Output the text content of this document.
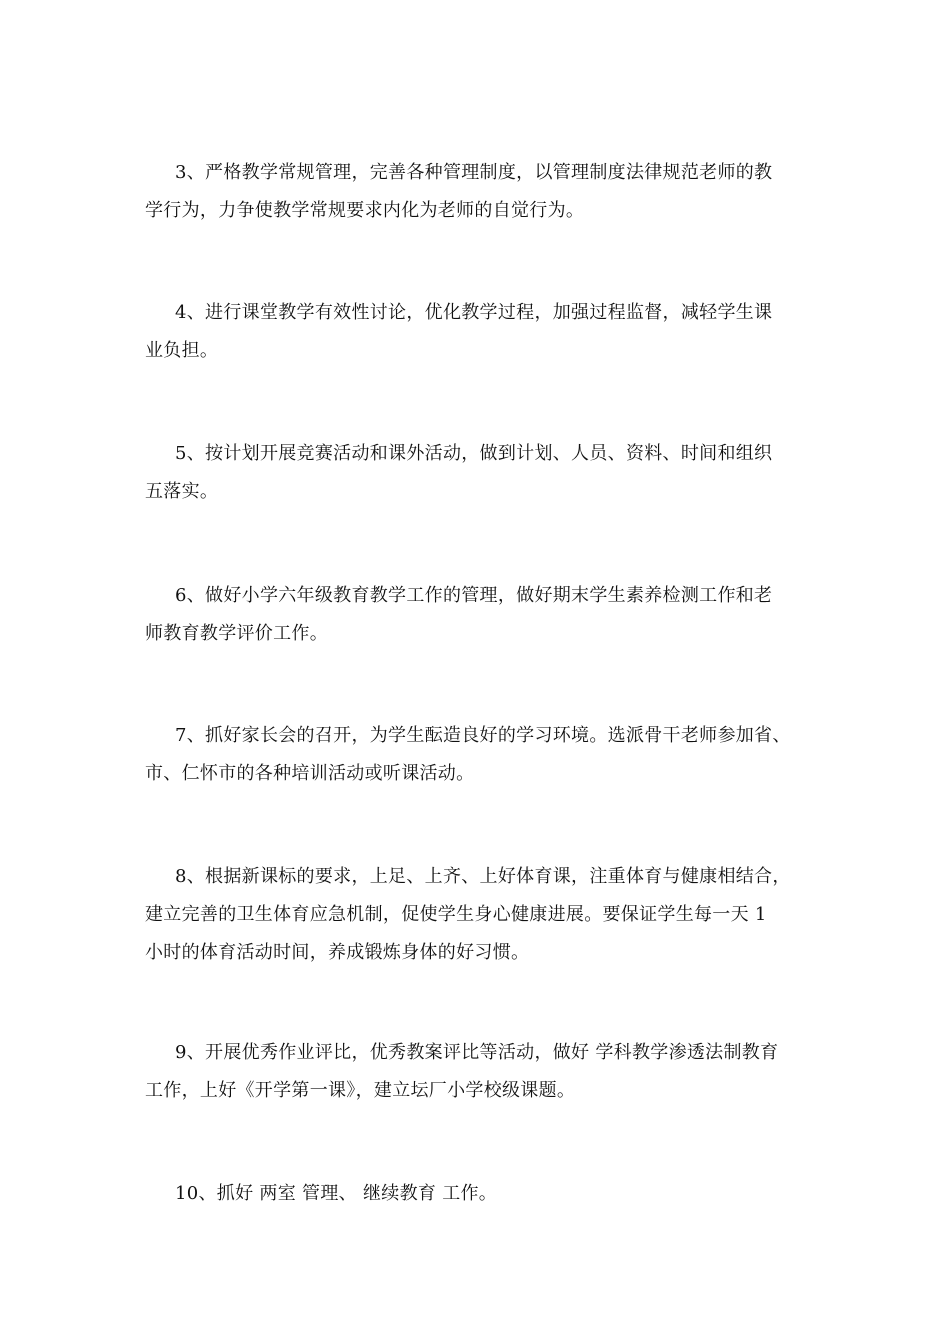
3、严格教学常规管理，完善各种管理制度，以管理制度法律规范老师的教
学行为，力争使教学常规要求内化为老师的自觉行为。

4、进行课堂教学有效性讨论，优化教学过程，加强过程监督，减轻学生课
业负担。

5、按计划开展竞赛活动和课外活动，做到计划、人员、资料、时间和组织
五落实。

6、做好小学六年级教育教学工作的管理，做好期末学生素养检测工作和老
师教育教学评价工作。

7、抓好家长会的召开，为学生酝造良好的学习环境。选派骨干老师参加省、
市、仁怀市的各种培训活动或听课活动。

8、根据新课标的要求，上足、上齐、上好体育课，注重体育与健康相结合，
建立完善的卫生体育应急机制，促使学生身心健康进展。要保证学生每一天 1
小时的体育活动时间，养成锻炼身体的好习惯。

9、开展优秀作业评比，优秀教案评比等活动，做好 学科教学渗透法制教育
工作，上好《开学第一课》，建立坛厂小学校级课题。

10、抓好 两室 管理、 继续教育 工作。
